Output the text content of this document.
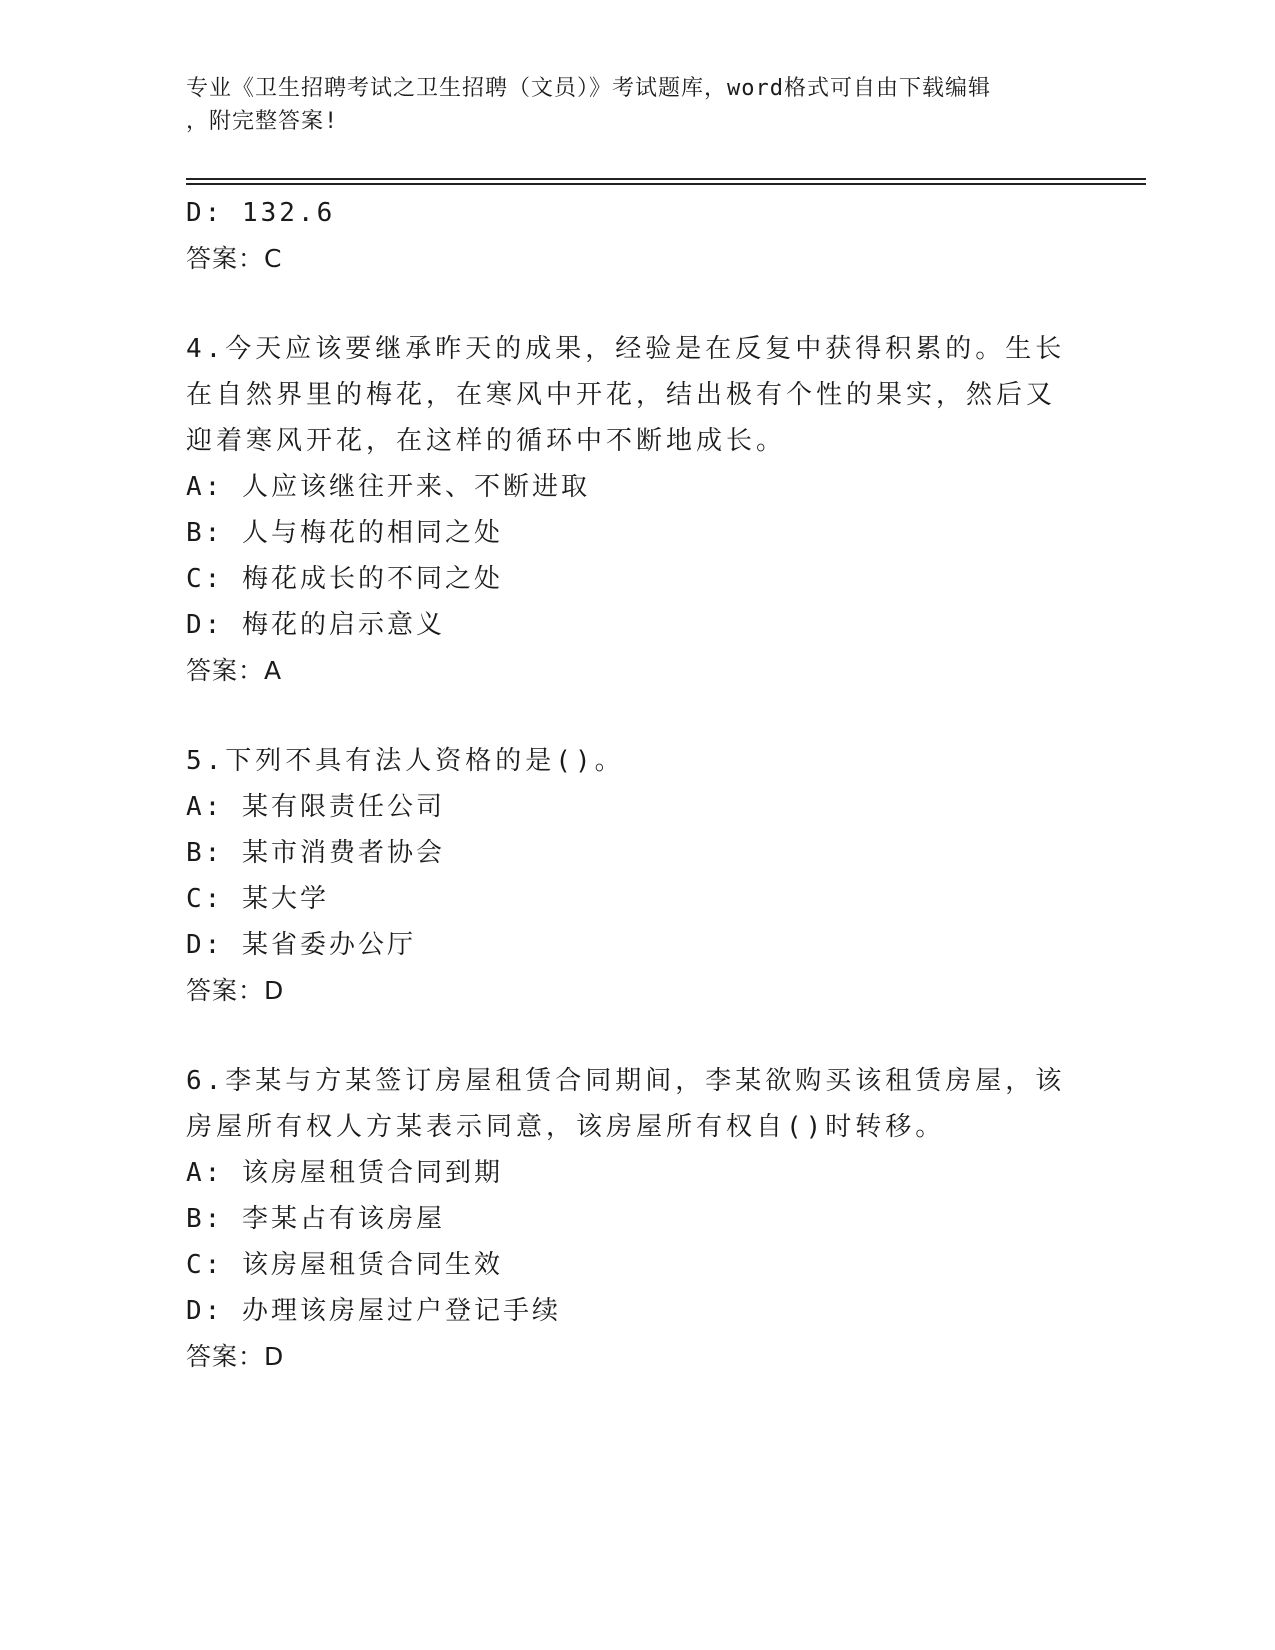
专业《卫生招聘考试之卫生招聘（文员）》考试题库，word格式可自由下载编辑
，附完整答案!
D: 132.6
答案：C
4.今天应该要继承昨天的成果，经验是在反复中获得积累的。生长在自然界里的梅花，在寒风中开花，结出极有个性的果实，然后又迎着寒风开花，在这样的循环中不断地成长。
A: 人应该继往开来、不断进取
B: 人与梅花的相同之处
C: 梅花成长的不同之处
D: 梅花的启示意义
答案：A
5.下列不具有法人资格的是()。
A: 某有限责任公司
B: 某市消费者协会
C: 某大学
D: 某省委办公厅
答案：D
6.李某与方某签订房屋租赁合同期间，李某欲购买该租赁房屋，该房屋所有权人方某表示同意，该房屋所有权自()时转移。
A: 该房屋租赁合同到期
B: 李某占有该房屋
C: 该房屋租赁合同生效
D: 办理该房屋过户登记手续
答案：D
